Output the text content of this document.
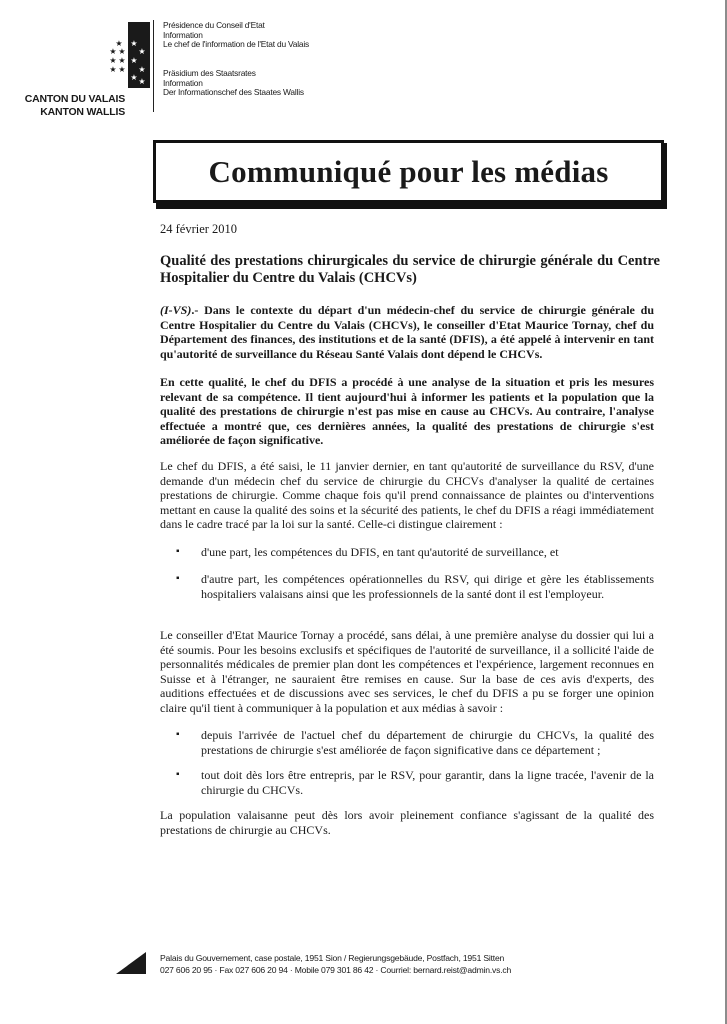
★
★ ★
★ ★
★ ★
★
★
★
★
★ ★
CANTON DU VALAIS
KANTON WALLIS
Présidence du Conseil d'Etat
Information
Le chef de l'information de l'Etat du Valais
Präsidium des Staatsrates
Information
Der Informationschef des Staates Wallis
Communiqué pour les médias
24 février 2010
Qualité des prestations chirurgicales du service de chirurgie générale du Centre Hospitalier du Centre du Valais (CHCVs)
(I-VS).- Dans le contexte du départ d'un médecin-chef du service de chirurgie générale du Centre Hospitalier du Centre du Valais (CHCVs), le conseiller d'Etat Maurice Tornay, chef du Département des finances, des institutions et de la santé (DFIS), a été appelé à intervenir en tant qu'autorité de surveillance du Réseau Santé Valais dont dépend le CHCVs.
En cette qualité, le chef du DFIS a procédé à une analyse de la situation et pris les mesures relevant de sa compétence. Il tient aujourd'hui à informer les patients et la population que la qualité des prestations de chirurgie n'est pas mise en cause au CHCVs. Au contraire, l'analyse effectuée a montré que, ces dernières années, la qualité des prestations de chirurgie s'est améliorée de façon significative.
Le chef du DFIS, a été saisi, le 11 janvier dernier, en tant qu'autorité de surveillance du RSV, d'une demande d'un médecin chef du service de chirurgie du CHCVs d'analyser la qualité de certaines prestations de chirurgie. Comme chaque fois qu'il prend connaissance de plaintes ou d'interventions mettant en cause la qualité des soins et la sécurité des patients, le chef du DFIS a réagi immédiatement dans le cadre tracé par la loi sur la santé. Celle-ci distingue clairement :
▪ d'une part, les compétences du DFIS, en tant qu'autorité de surveillance, et
▪ d'autre part, les compétences opérationnelles du RSV, qui dirige et gère les établissements hospitaliers valaisans ainsi que les professionnels de la santé dont il est l'employeur.
Le conseiller d'Etat Maurice Tornay a procédé, sans délai, à une première analyse du dossier qui lui a été soumis. Pour les besoins exclusifs et spécifiques de l'autorité de surveillance, il a sollicité l'aide de personnalités médicales de premier plan dont les compétences et l'expérience, largement reconnues en Suisse et à l'étranger, ne sauraient être remises en cause. Sur la base de ces avis d'experts, des auditions effectuées et de discussions avec ses services, le chef du DFIS a pu se forger une opinion claire qu'il tient à communiquer à la population et aux médias à savoir :
▪ depuis l'arrivée de l'actuel chef du département de chirurgie du CHCVs, la qualité des prestations de chirurgie s'est améliorée de façon significative dans ce département ;
▪ tout doit dès lors être entrepris, par le RSV, pour garantir, dans la ligne tracée, l'avenir de la chirurgie du CHCVs.
La population valaisanne peut dès lors avoir pleinement confiance s'agissant de la qualité des prestations de chirurgie au CHCVs.
Palais du Gouvernement, case postale, 1951 Sion / Regierungsgebäude, Postfach, 1951 Sitten
027 606 20 95 · Fax 027 606 20 94 · Mobile 079 301 86 42 · Courriel: bernard.reist@admin.vs.ch
